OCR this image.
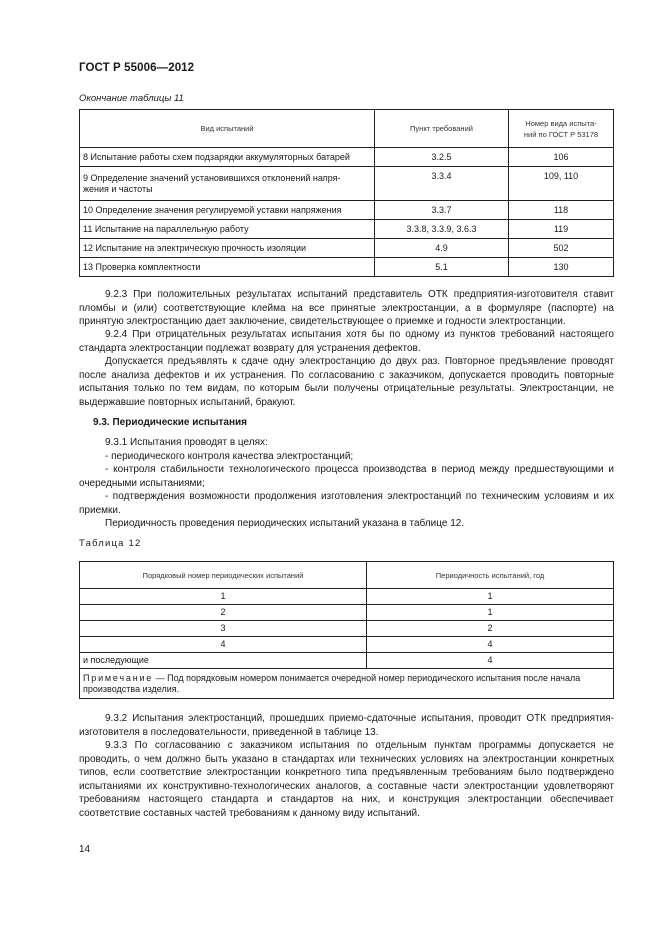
ГОСТ Р 55006—2012
Окончание таблицы 11
Вид испытаний	Пункт требований	Номер вида испыта-
ний по ГОСТ Р 53178
8 Испытание работы схем подзарядки аккумуляторных батарей	3.2.5	106
9 Определение значений установившихся отклонений напря-
жения и частоты	3.3.4	109, 110
10 Определение значения регулируемой уставки напряжения	3.3.7	118
11 Испытание на параллельную работу	3.3.8, 3.3.9, 3.6.3	119
12 Испытание на электрическую прочность изоляции	4.9	502
13 Проверка комплектности	5.1	130

9.2.3 При положительных результатах испытаний представитель ОТК предприятия-изготовителя ставит пломбы и (или) соответствующие клейма на все принятые электростанции, а в формуляре (паспорте) на принятую электростанцию дает заключение, свидетельствующее о приемке и годности электростанции.

9.2.4 При отрицательных результатах испытания хотя бы по одному из пунктов требований настоящего стандарта электростанции подлежат возврату для устранения дефектов.

Допускается предъявлять к сдаче одну электростанцию до двух раз. Повторное предъявление проводят после анализа дефектов и их устранения. По согласованию с заказчиком, допускается проводить повторные испытания только по тем видам, по которым были получены отрицательные результаты. Электростанции, не выдержавшие повторных испытаний, бракуют.

9.3. Периодические испытания

9.3.1 Испытания проводят в целях:

- периодического контроля качества электростанций;

- контроля стабильности технологического процесса производства в период между предшествующими и очередными испытаниями;

- подтверждения возможности продолжения изготовления электростанций по техническим условиям и их приемки.

Периодичность проведения периодических испытаний указана в таблице 12.

Таблица 12
Порядковый номер периодических испытаний	Периодичность испытаний, год
1	1
2	1
3	2
4	4
и последующие	4
Примечание — Под порядковым номером понимается очередной номер периодического испытания после начала производства изделия.	

9.3.2 Испытания электростанций, прошедших приемо-сдаточные испытания, проводит ОТК предприятия-изготовителя в последовательности, приведенной в таблице 13.

9.3.3 По согласованию с заказчиком испытания по отдельным пунктам программы допускается не проводить, о чем должно быть указано в стандартах или технических условиях на электростанции конкретных типов, если соответствие электростанции конкретного типа предъявленным требованиям было подтверждено испытаниями их конструктивно-технологических аналогов, а составные части электростанции удовлетворяют требованиям настоящего стандарта и стандартов на них, и конструкция электростанции обеспечивает соответствие составных частей требованиям к данному виду испытаний.

14
